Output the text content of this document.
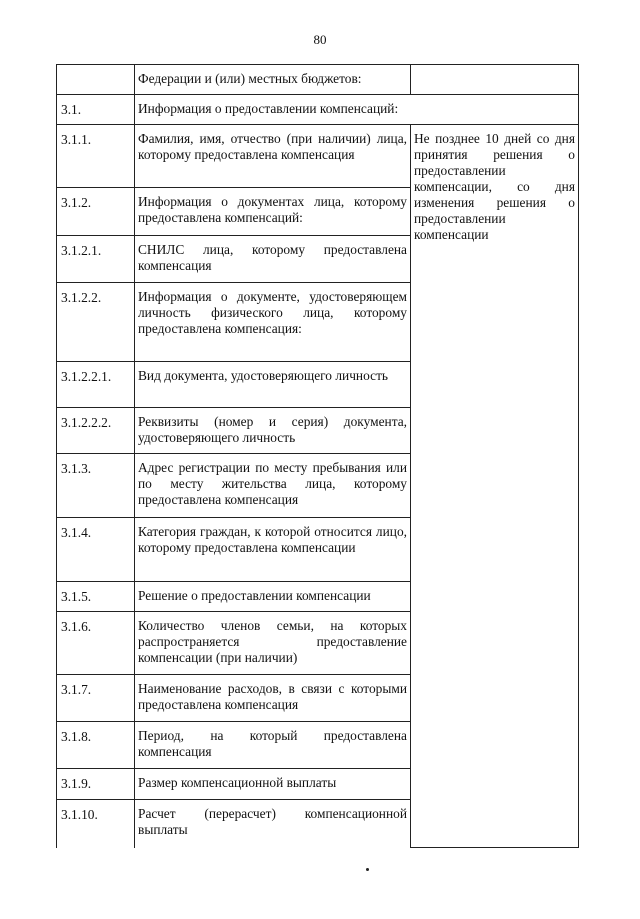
80
	Федерации и (или) местных бюджетов:	
3.1.	Информация о предоставлении компенсаций:	
3.1.1.	Фамилия, имя, отчество (при наличии) лица, которому предоставлена компенсация	Не позднее 10 дней со дня принятия решения о предоставлении компенсации, со дня изменения решения о предоставлении компенсации
3.1.2.	Информация о документах лица, которому предоставлена компенсаций:	
3.1.2.1.	СНИЛС лица, которому предоставлена компенсация	
3.1.2.2.	Информация о документе, удостоверяющем личность физического лица, которому предоставлена компенсация:	
3.1.2.2.1.	Вид документа, удостоверяющего личность	
3.1.2.2.2.	Реквизиты (номер и серия) документа, удостоверяющего личность	
3.1.3.	Адрес регистрации по месту пребывания или по месту жительства лица, которому предоставлена компенсация	
3.1.4.	Категория граждан, к которой относится лицо, которому предоставлена компенсации	
3.1.5.	Решение о предоставлении компенсации	
3.1.6.	Количество членов семьи, на которых распространяется предоставление компенсации (при наличии)	
3.1.7.	Наименование расходов, в связи с которыми предоставлена компенсация	
3.1.8.	Период, на который предоставлена компенсация	
3.1.9.	Размер компенсационной выплаты	
3.1.10.	Расчет (перерасчет) компенсационной выплаты	
